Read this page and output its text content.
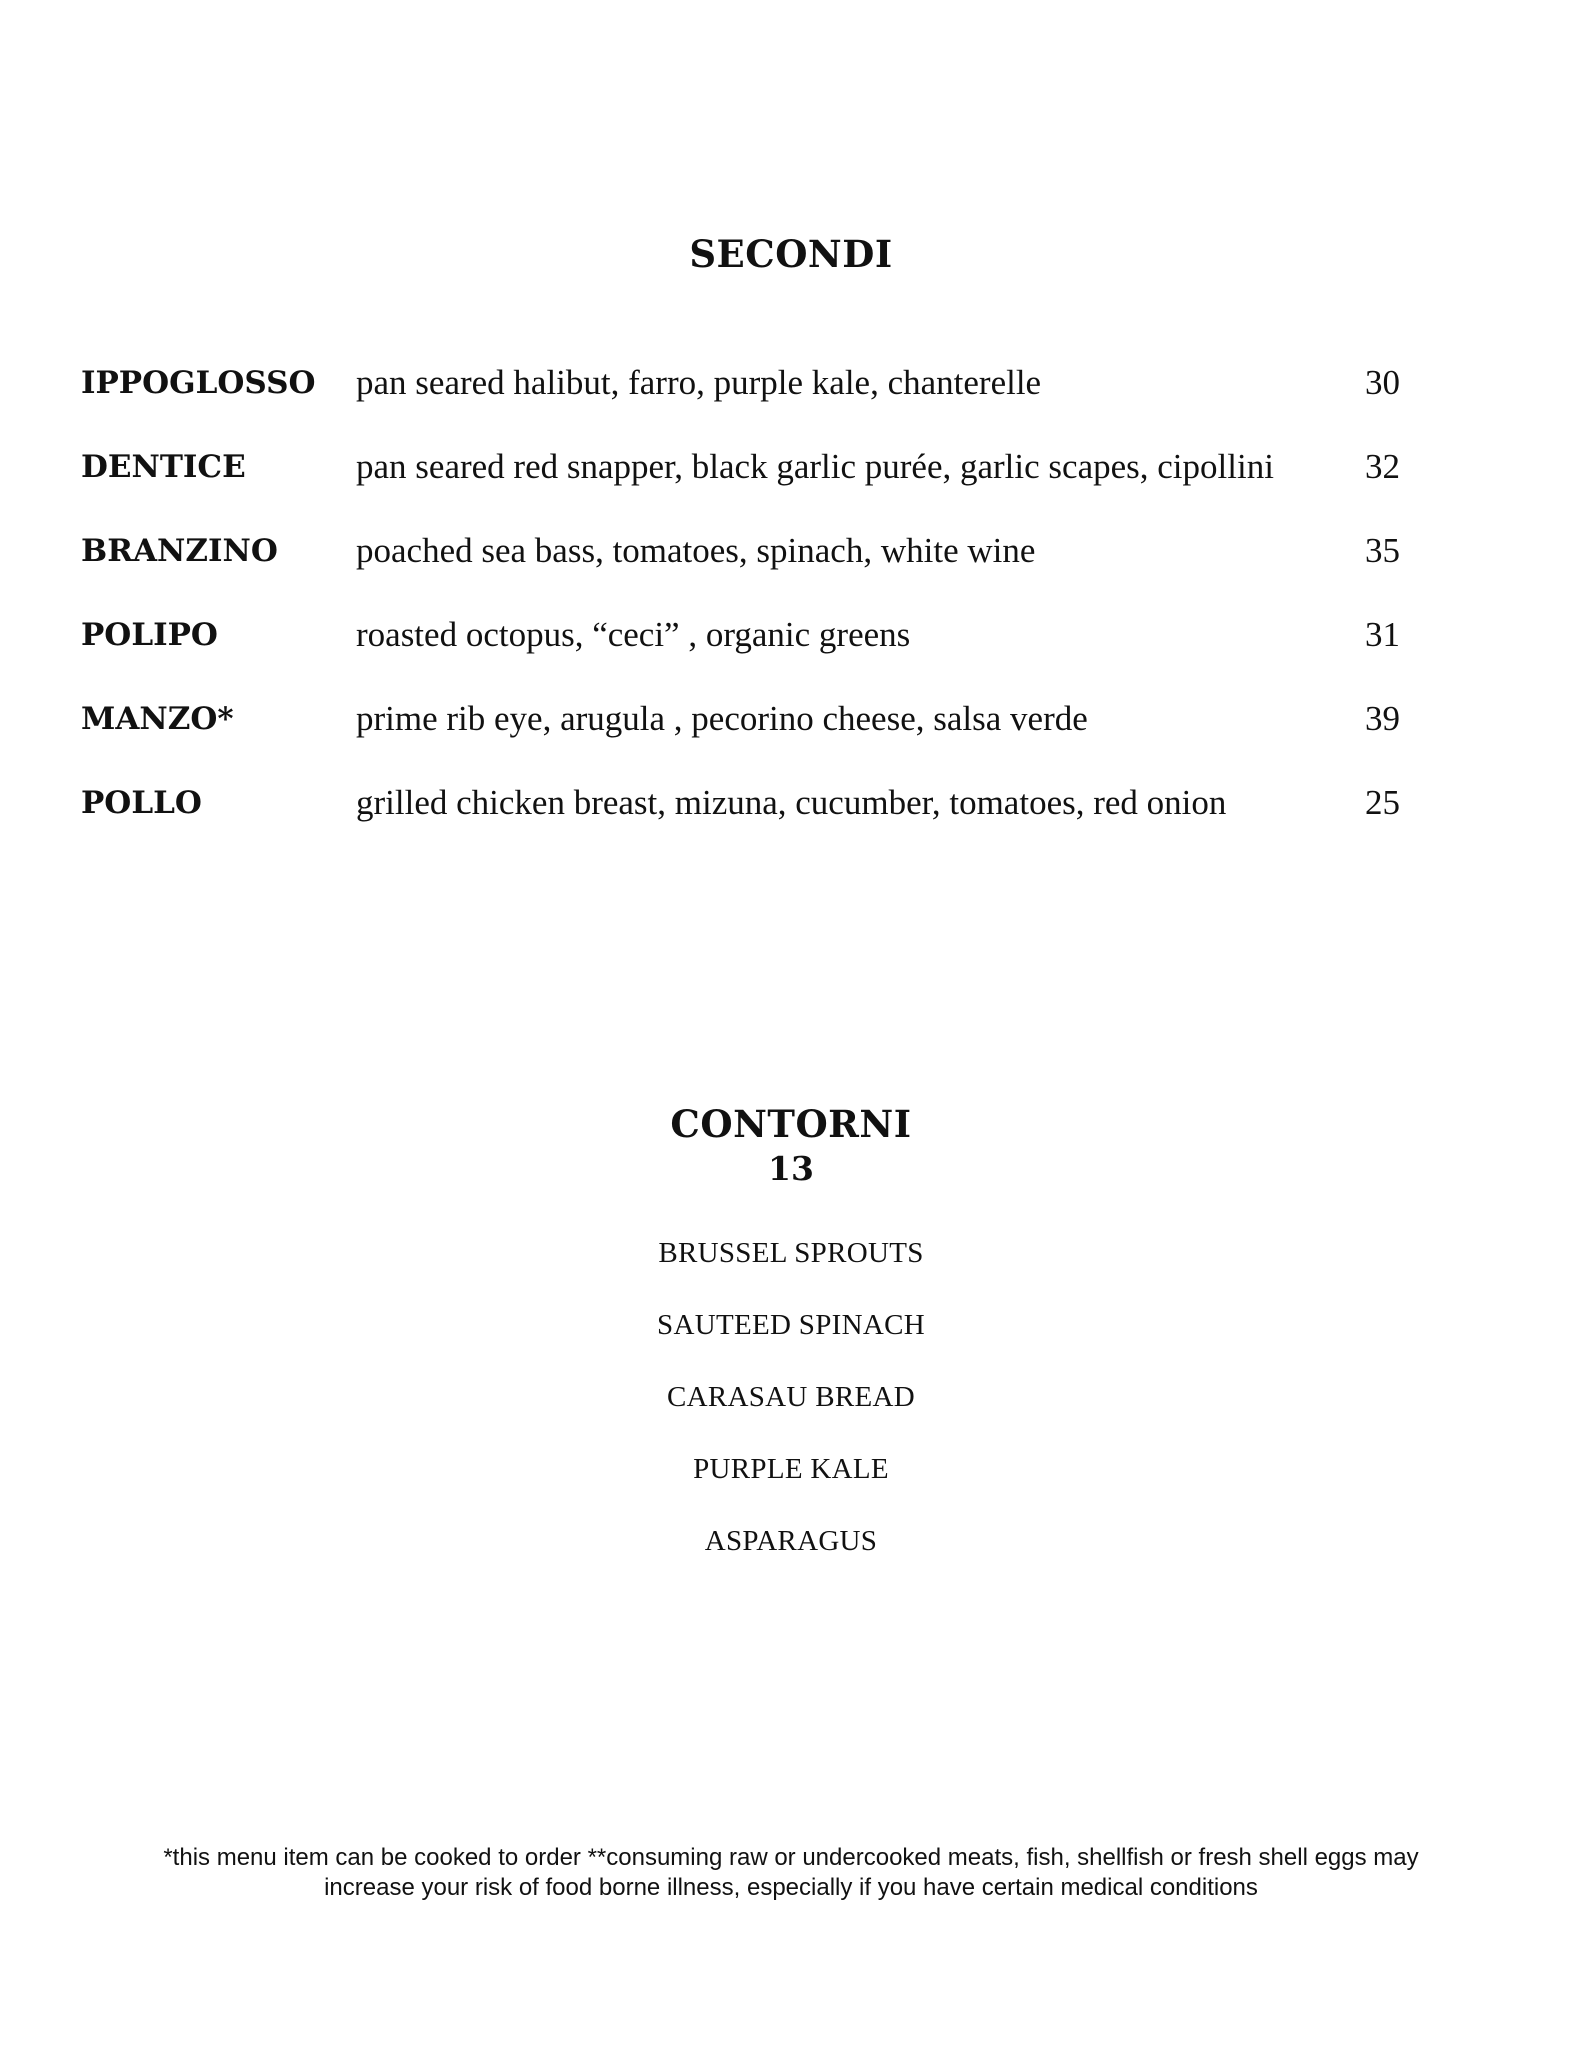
SECONDI
IPPOGLOSSO pan seared halibut, farro, purple kale, chanterelle	30
DENTICE	pan seared red snapper, black garlic purée, garlic scapes, cipollini	32
BRANZINO poached sea bass, tomatoes, spinach, white wine	35
POLIPO	roasted octopus, “ceci” , organic greens	31
MANZO*	prime rib eye, arugula , pecorino cheese, salsa verde	39
POLLO	grilled chicken breast, mizuna, cucumber, tomatoes, red onion	25
CONTORNI
13
BRUSSEL SPROUTS
SAUTEED SPINACH
CARASAU BREAD
PURPLE KALE
ASPARAGUS
*this menu item can be cooked to order **consuming raw or undercooked meats, fish, shellfish or fresh shell eggs may
increase your risk of food borne illness, especially if you have certain medical conditions
